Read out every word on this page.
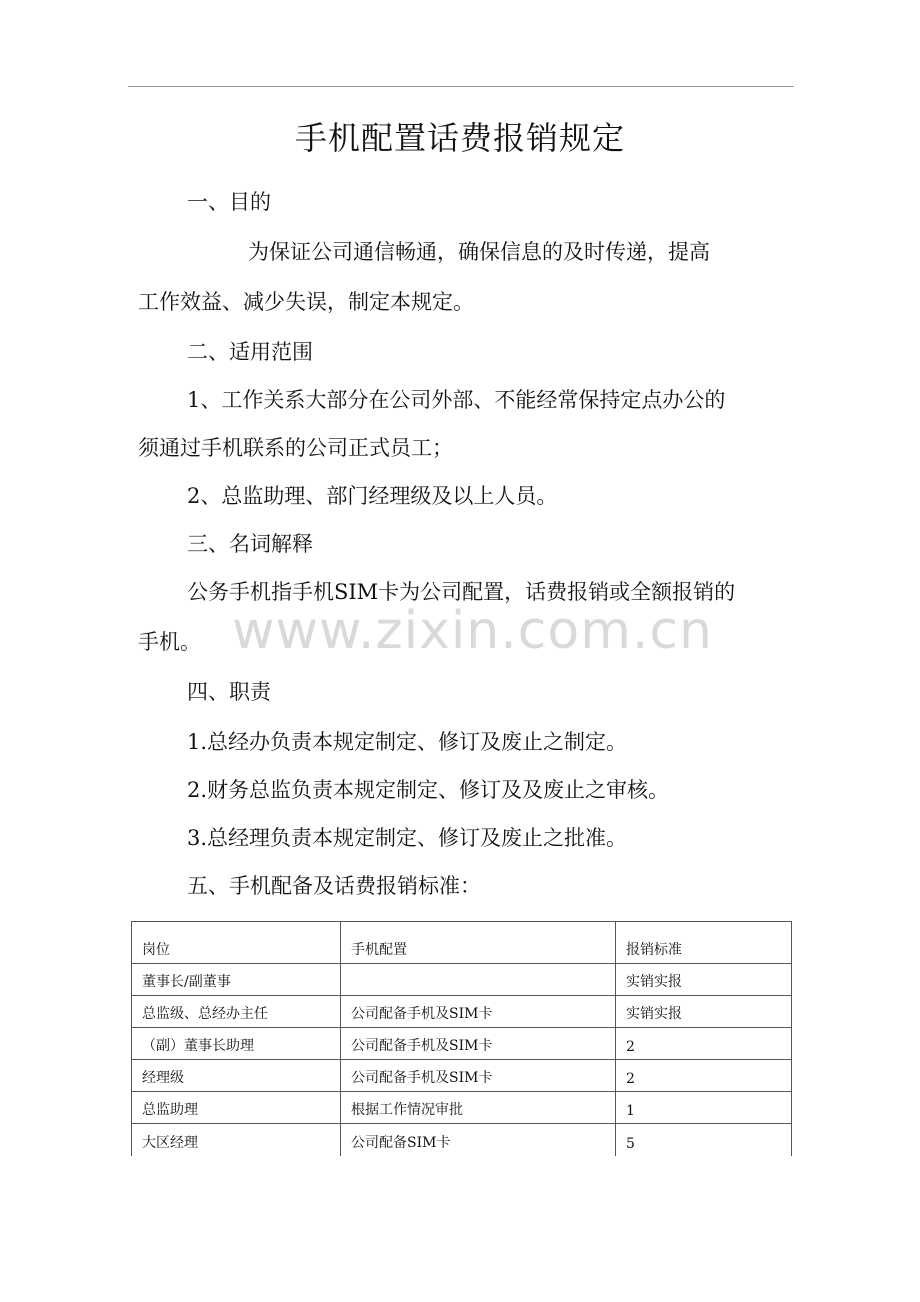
手机配置话费报销规定
一、目的
为保证公司通信畅通，确保信息的及时传递，提高
工作效益、减少失误，制定本规定。
二、适用范围
1、工作关系大部分在公司外部、不能经常保持定点办公的
须通过手机联系的公司正式员工；
2、总监助理、部门经理级及以上人员。
三、名词解释
公务手机指手机SIM卡为公司配置，话费报销或全额报销的
手机。
四、职责
1.总经办负责本规定制定、修订及废止之制定。
2.财务总监负责本规定制定、修订及及废止之审核。
3.总经理负责本规定制定、修订及废止之批准。
五、手机配备及话费报销标准：
www.zixin.com.cn
岗位	手机配置	报销标准
董事长/副董事		实销实报
总监级、总经办主任	公司配备手机及SIM卡	实销实报
（副）董事长助理	公司配备手机及SIM卡	2
经理级	公司配备手机及SIM卡	2
总监助理	根据工作情况审批	1
大区经理	公司配备SIM卡	5
